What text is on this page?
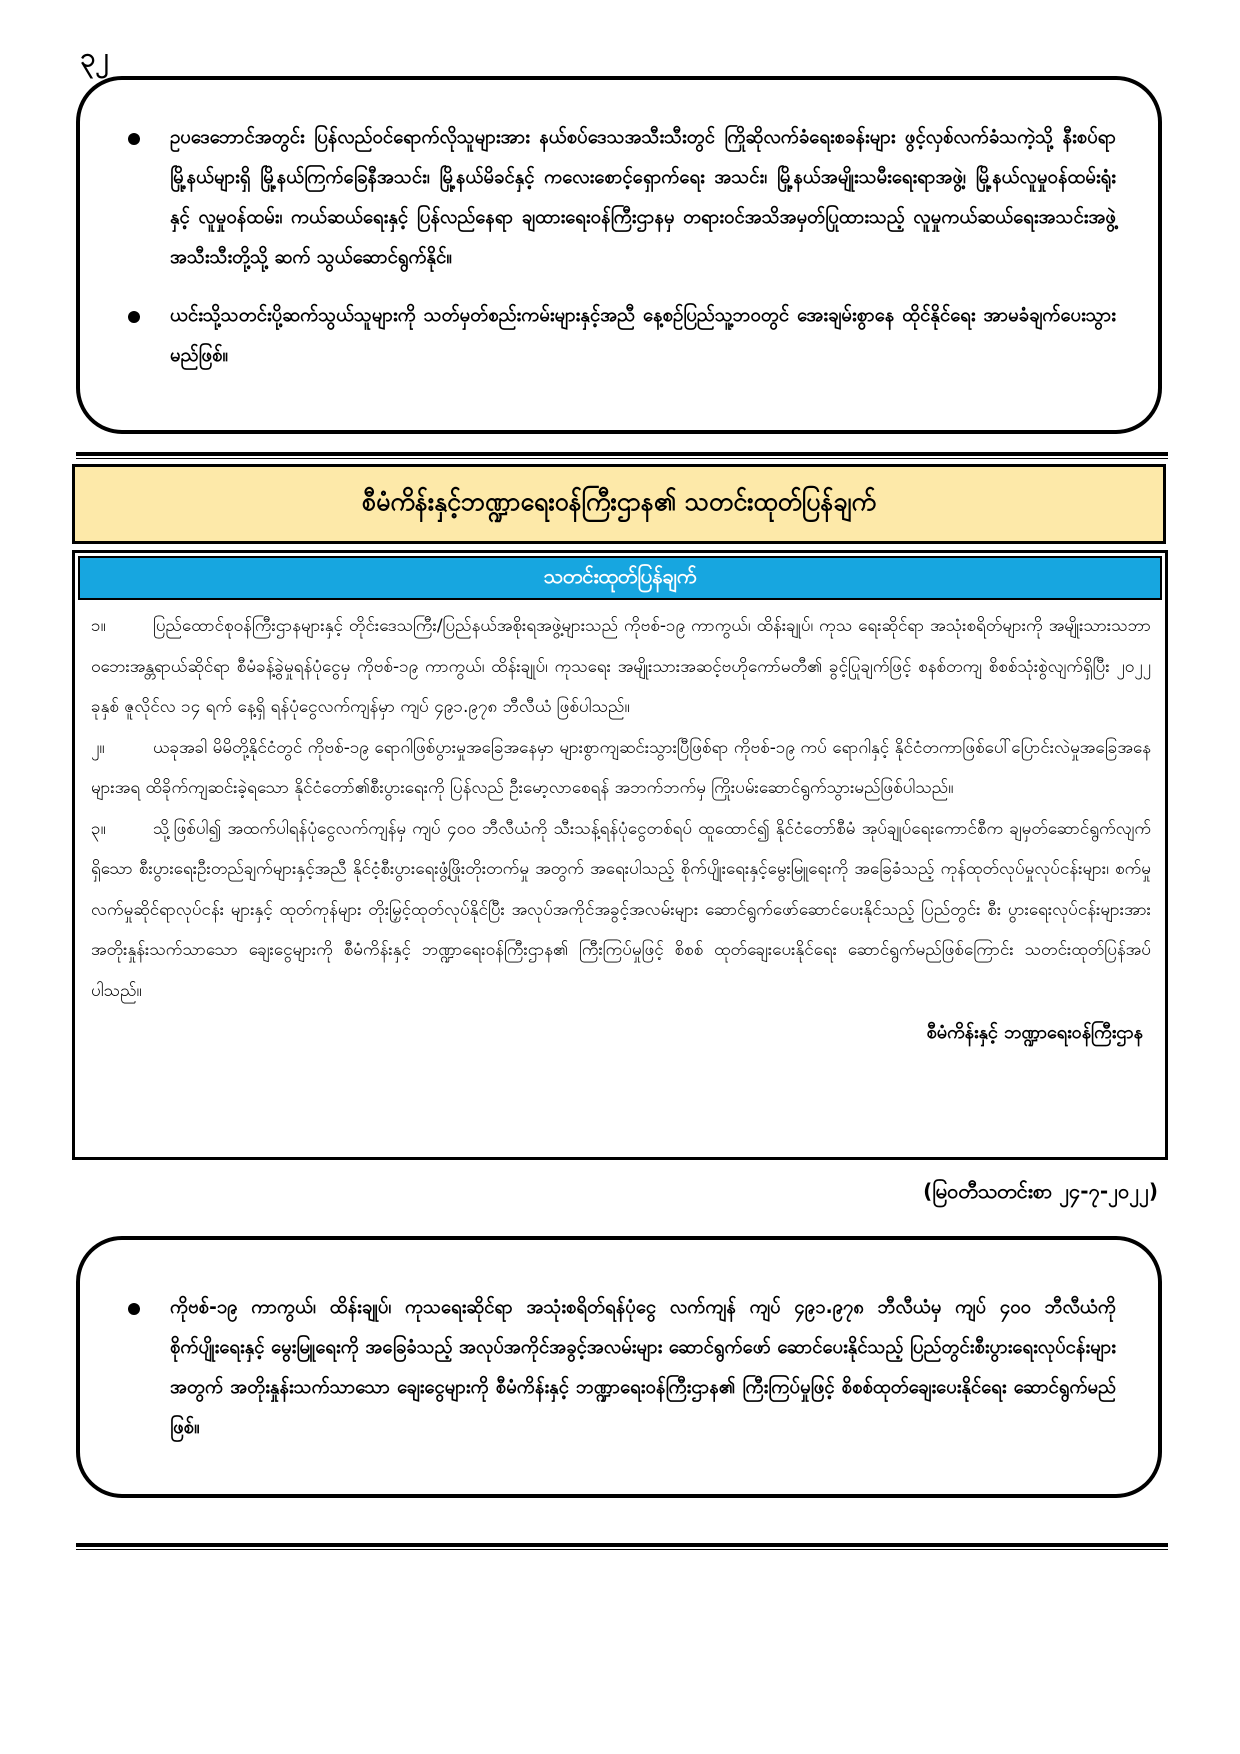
၃၂
ဥပဒေဘောင်အတွင်း ပြန်လည်ဝင်ရောက်လိုသူများအား နယ်စပ်ဒေသအသီးသီးတွင် ကြိုဆိုလက်ခံရေးစခန်းများ ဖွင့်လှစ်လက်ခံသကဲ့သို့ နီးစပ်ရာမြို့နယ်များရှိ မြို့နယ်ကြက်ခြေနီအသင်း၊ မြို့နယ်မိခင်နှင့် ကလေးစောင့်ရှောက်ရေး အသင်း၊ မြို့နယ်အမျိုးသမီးရေးရာအဖွဲ့၊ မြို့နယ်လူမှုဝန်ထမ်းရုံးနှင့် လူမှုဝန်ထမ်း၊ ကယ်ဆယ်ရေးနှင့် ပြန်လည်နေရာ ချထားရေးဝန်ကြီးဌာနမှ တရားဝင်အသိအမှတ်ပြုထားသည့် လူမှုကယ်ဆယ်ရေးအသင်းအဖွဲ့အသီးသီးတို့သို့ ဆက် သွယ်ဆောင်ရွက်နိုင်။
ယင်းသို့သတင်းပို့ဆက်သွယ်သူများကို သတ်မှတ်စည်းကမ်းများနှင့်အညီ နေ့စဉ်ပြည်သူ့ဘဝတွင် အေးချမ်းစွာနေ ထိုင်နိုင်ရေး အာမခံချက်ပေးသွားမည်ဖြစ်။
စီမံကိန်းနှင့်ဘဏ္ဍာရေးဝန်ကြီးဌာန၏ သတင်းထုတ်ပြန်ချက်
သတင်းထုတ်ပြန်ချက်

၁။	ပြည်ထောင်စုဝန်ကြီးဌာနများနှင့် တိုင်းဒေသကြီး/ပြည်နယ်အစိုးရအဖွဲ့များသည် ကိုဗစ်-၁၉ ကာကွယ်၊ ထိန်းချုပ်၊ ကုသ ရေးဆိုင်ရာ အသုံးစရိတ်များကို အမျိုးသားသဘာဝဘေးအန္တရာယ်ဆိုင်ရာ စီမံခန့်ခွဲမှုရန်ပုံငွေမှ ကိုဗစ်-၁၉ ကာကွယ်၊ ထိန်းချုပ်၊ ကုသရေး အမျိုးသားအဆင့်ဗဟိုကော်မတီ၏ ခွင့်ပြုချက်ဖြင့် စနစ်တကျ စိစစ်သုံးစွဲလျက်ရှိပြီး ၂၀၂၂ ခုနှစ် ဇူလိုင်လ ၁၄ ရက် နေ့ရှိ ရန်ပုံငွေလက်ကျန်မှာ ကျပ် ၄၉၁.၉၇၈ ဘီလီယံ ဖြစ်ပါသည်။

၂။	ယခုအခါ မိမိတို့နိုင်ငံတွင် ကိုဗစ်-၁၉ ရောဂါဖြစ်ပွားမှုအခြေအနေမှာ များစွာကျဆင်းသွားပြီဖြစ်ရာ ကိုဗစ်-၁၉ ကပ် ရောဂါနှင့် နိုင်ငံတကာဖြစ်ပေါ်ပြောင်းလဲမှုအခြေအနေများအရ ထိခိုက်ကျဆင်းခဲ့ရသော နိုင်ငံတော်၏စီးပွားရေးကို ပြန်လည် ဦးမော့လာစေရန် အဘက်ဘက်မှ ကြိုးပမ်းဆောင်ရွက်သွားမည်ဖြစ်ပါသည်။

၃။	သို့ဖြစ်ပါ၍ အထက်ပါရန်ပုံငွေလက်ကျန်မှ ကျပ် ၄၀၀ ဘီလီယံကို သီးသန့်ရန်ပုံငွေတစ်ရပ် ထူထောင်၍ နိုင်ငံတော်စီမံ အုပ်ချုပ်ရေးကောင်စီက ချမှတ်ဆောင်ရွက်လျက်ရှိသော စီးပွားရေးဦးတည်ချက်များနှင့်အညီ နိုင်ငံ့စီးပွားရေးဖွံ့ဖြိုးတိုးတက်မှု အတွက် အရေးပါသည့် စိုက်ပျိုးရေးနှင့်မွေးမြူရေးကို အခြေခံသည့် ကုန်ထုတ်လုပ်မှုလုပ်ငန်းများ၊ စက်မှုလက်မှုဆိုင်ရာလုပ်ငန်း များနှင့် ထုတ်ကုန်များ တိုးမြှင့်ထုတ်လုပ်နိုင်ပြီး အလုပ်အကိုင်အခွင့်အလမ်းများ ဆောင်ရွက်ဖော်ဆောင်ပေးနိုင်သည့် ပြည်တွင်း စီး ပွားရေးလုပ်ငန်းများအား အတိုးနှုန်းသက်သာသော ချေးငွေများကို စီမံကိန်းနှင့် ဘဏ္ဍာရေးဝန်ကြီးဌာန၏ ကြီးကြပ်မှုဖြင့် စိစစ် ထုတ်ချေးပေးနိုင်ရေး ဆောင်ရွက်မည်ဖြစ်ကြောင်း သတင်းထုတ်ပြန်အပ်ပါသည်။

စီမံကိန်းနှင့် ဘဏ္ဍာရေးဝန်ကြီးဌာန
(မြဝတီသတင်းစာ ၂၄-၇-၂၀၂၂)
ကိုဗစ်-၁၉ ကာကွယ်၊ ထိန်းချုပ်၊ ကုသရေးဆိုင်ရာ အသုံးစရိတ်ရန်ပုံငွေ လက်ကျန် ကျပ် ၄၉၁.၉၇၈ ဘီလီယံမှ ကျပ် ၄၀၀ ဘီလီယံကို စိုက်ပျိုးရေးနှင့် မွေးမြူရေးကို အခြေခံသည့် အလုပ်အကိုင်အခွင့်အလမ်းများ ဆောင်ရွက်ဖော် ဆောင်ပေးနိုင်သည့် ပြည်တွင်းစီးပွားရေးလုပ်ငန်းများအတွက် အတိုးနှုန်းသက်သာသော ချေးငွေများကို စီမံကိန်းနှင့် ဘဏ္ဍာရေးဝန်ကြီးဌာန၏ ကြီးကြပ်မှုဖြင့် စိစစ်ထုတ်ချေးပေးနိုင်ရေး ဆောင်ရွက်မည်ဖြစ်။
